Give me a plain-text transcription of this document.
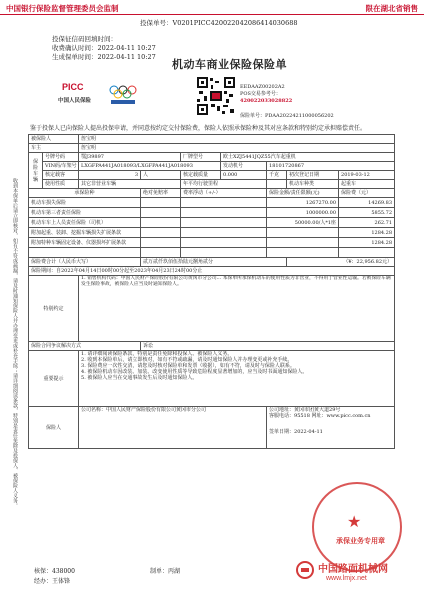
中国银行保险监督管理委员会监制	限在湖北省销售
投保单号：V0201PICC420022042086414030688
投保征信码回填时间：
收费确认时间：2022-04-11 10:27
生成保单时间：2022-04-11 10:27
机动车商业保险保险单
PICC
中国人民保险
EEDAAZ00202A2
POS交易参考号：
420022033028822
保险单号：PDAA20224211000056202
鉴于投保人已向保险人提出投保申请，并同意按约定交付保险费，保险人依照承保险种及其对应条款和特别约定承担赔偿责任。
收到本保单后请立即核对，如有不符或疏漏，请及时通知保险人并办理变更或补充手续；请详细阅读条款，特别是责任免除及投保人、被保险人义务。
被保险人		詹宝明						
车主		詹宝明						
保险车辆	号牌号码	鄂J39897		厂牌型号	欧士XZJ5441JQZ55汽车起重机			
	VIN码/车架号	LXGFPA441JA018093/LXGFPA441JA018093			发动机号	18101720867		
	核定载客	3	人	核定载质量	0.000	千克	初次登记日期	2019-03-12
	使用性质	其它非营业车辆		年平均行驶里程			机动车种类	起重车
承保险种			绝对免赔率	费率浮动（+/-）		保险金额/责任限额(元)		保险费（元）
机动车损失保险						1267270.00		14269.83
机动车第三者责任保险						1000000.00		5855.72
机动车车上人员责任保险（司机）						50000.00/人*1座		262.71
附加起重、装卸、挖掘车辆损失扩展条款								1284.28
附加特种车辆固定设备、仪器损坏扩展条款								1284.28

保险费合计（人民币大写）			贰万贰仟玖佰伍拾陆元捌角贰分				（¥：22,956.82元）	
保险期间：自2022年04月14日00时00分起至2023年04月23日24时00分止								
特别约定		1. 销售机构代码：中国人民财产保险股份有限公司黄冈市分公司... 本保单所承保机动车的使用性质为非营业，不得用于营业性运输。若被保险车辆发生保险事故，被保险人应当及时通知保险人。						
保险合同争议解决方式			诉讼					
重要提示		1. 请详细阅读保险条款，特别是责任免除和投保人、被保险人义务。
2. 收到本保险单后，请立即核对，如有不符或疏漏，请及时通知保险人并办理变更或补充手续。
3. 保险费应一次性交清，请您及时核对保险单和发票（收据），如有不符，请及时与保险人联系。
4. 被保险机动车因改装、加装、改变使用性质等导致危险程度显著增加的，应当及时书面通知保险人。
5. 被保险人应当在交通事故发生后及时通知保险人。						

保险人		公司名称：中国人民财产保险股份有限公司黄冈市分公司				公司地址：黄冈市团黄大道29号
客服电话：95518 网址：www.picc.com.cn
签单日期：2022-04-11		
核保：438000	制单：丙湖
经办：王体锋
★
承保业务专用章
中国路面机械网
www.lmjx.net
